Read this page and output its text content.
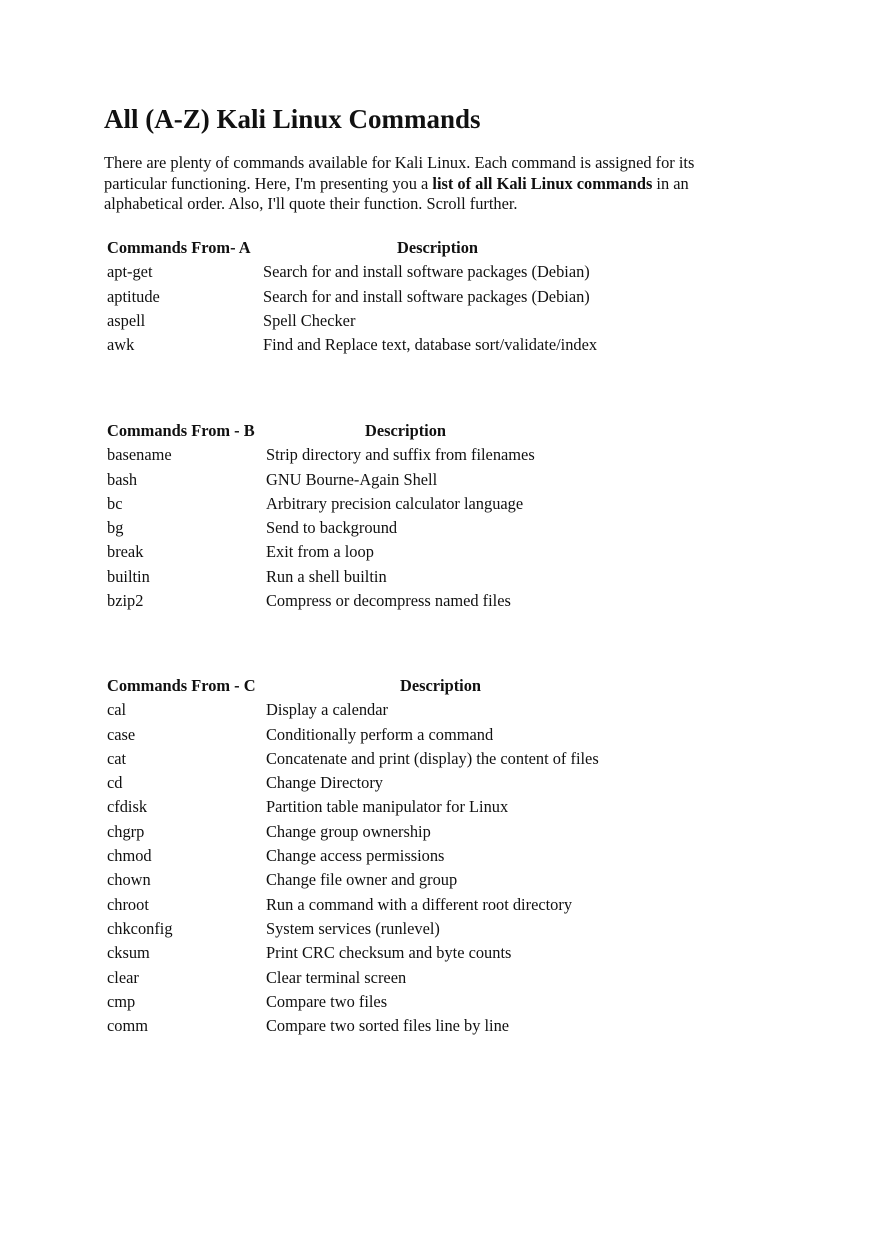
All (A-Z) Kali Linux Commands

There are plenty of commands available for Kali Linux. Each command is assigned for its particular functioning. Here, I'm presenting you a list of all Kali Linux commands in an alphabetical order. Also, I'll quote their function. Scroll further.

Commands From- A	Description
apt-get	Search for and install software packages (Debian)
aptitude	Search for and install software packages (Debian)
aspell	Spell Checker
awk	Find and Replace text, database sort/validate/index
Commands From - B	Description
basename	Strip directory and suffix from filenames
bash	GNU Bourne-Again Shell
bc	Arbitrary precision calculator language
bg	Send to background
break	Exit from a loop
builtin	Run a shell builtin
bzip2	Compress or decompress named files
Commands From - C	Description
cal	Display a calendar
case	Conditionally perform a command
cat	Concatenate and print (display) the content of files
cd	Change Directory
cfdisk	Partition table manipulator for Linux
chgrp	Change group ownership
chmod	Change access permissions
chown	Change file owner and group
chroot	Run a command with a different root directory
chkconfig	System services (runlevel)
cksum	Print CRC checksum and byte counts
clear	Clear terminal screen
cmp	Compare two files
comm	Compare two sorted files line by line
